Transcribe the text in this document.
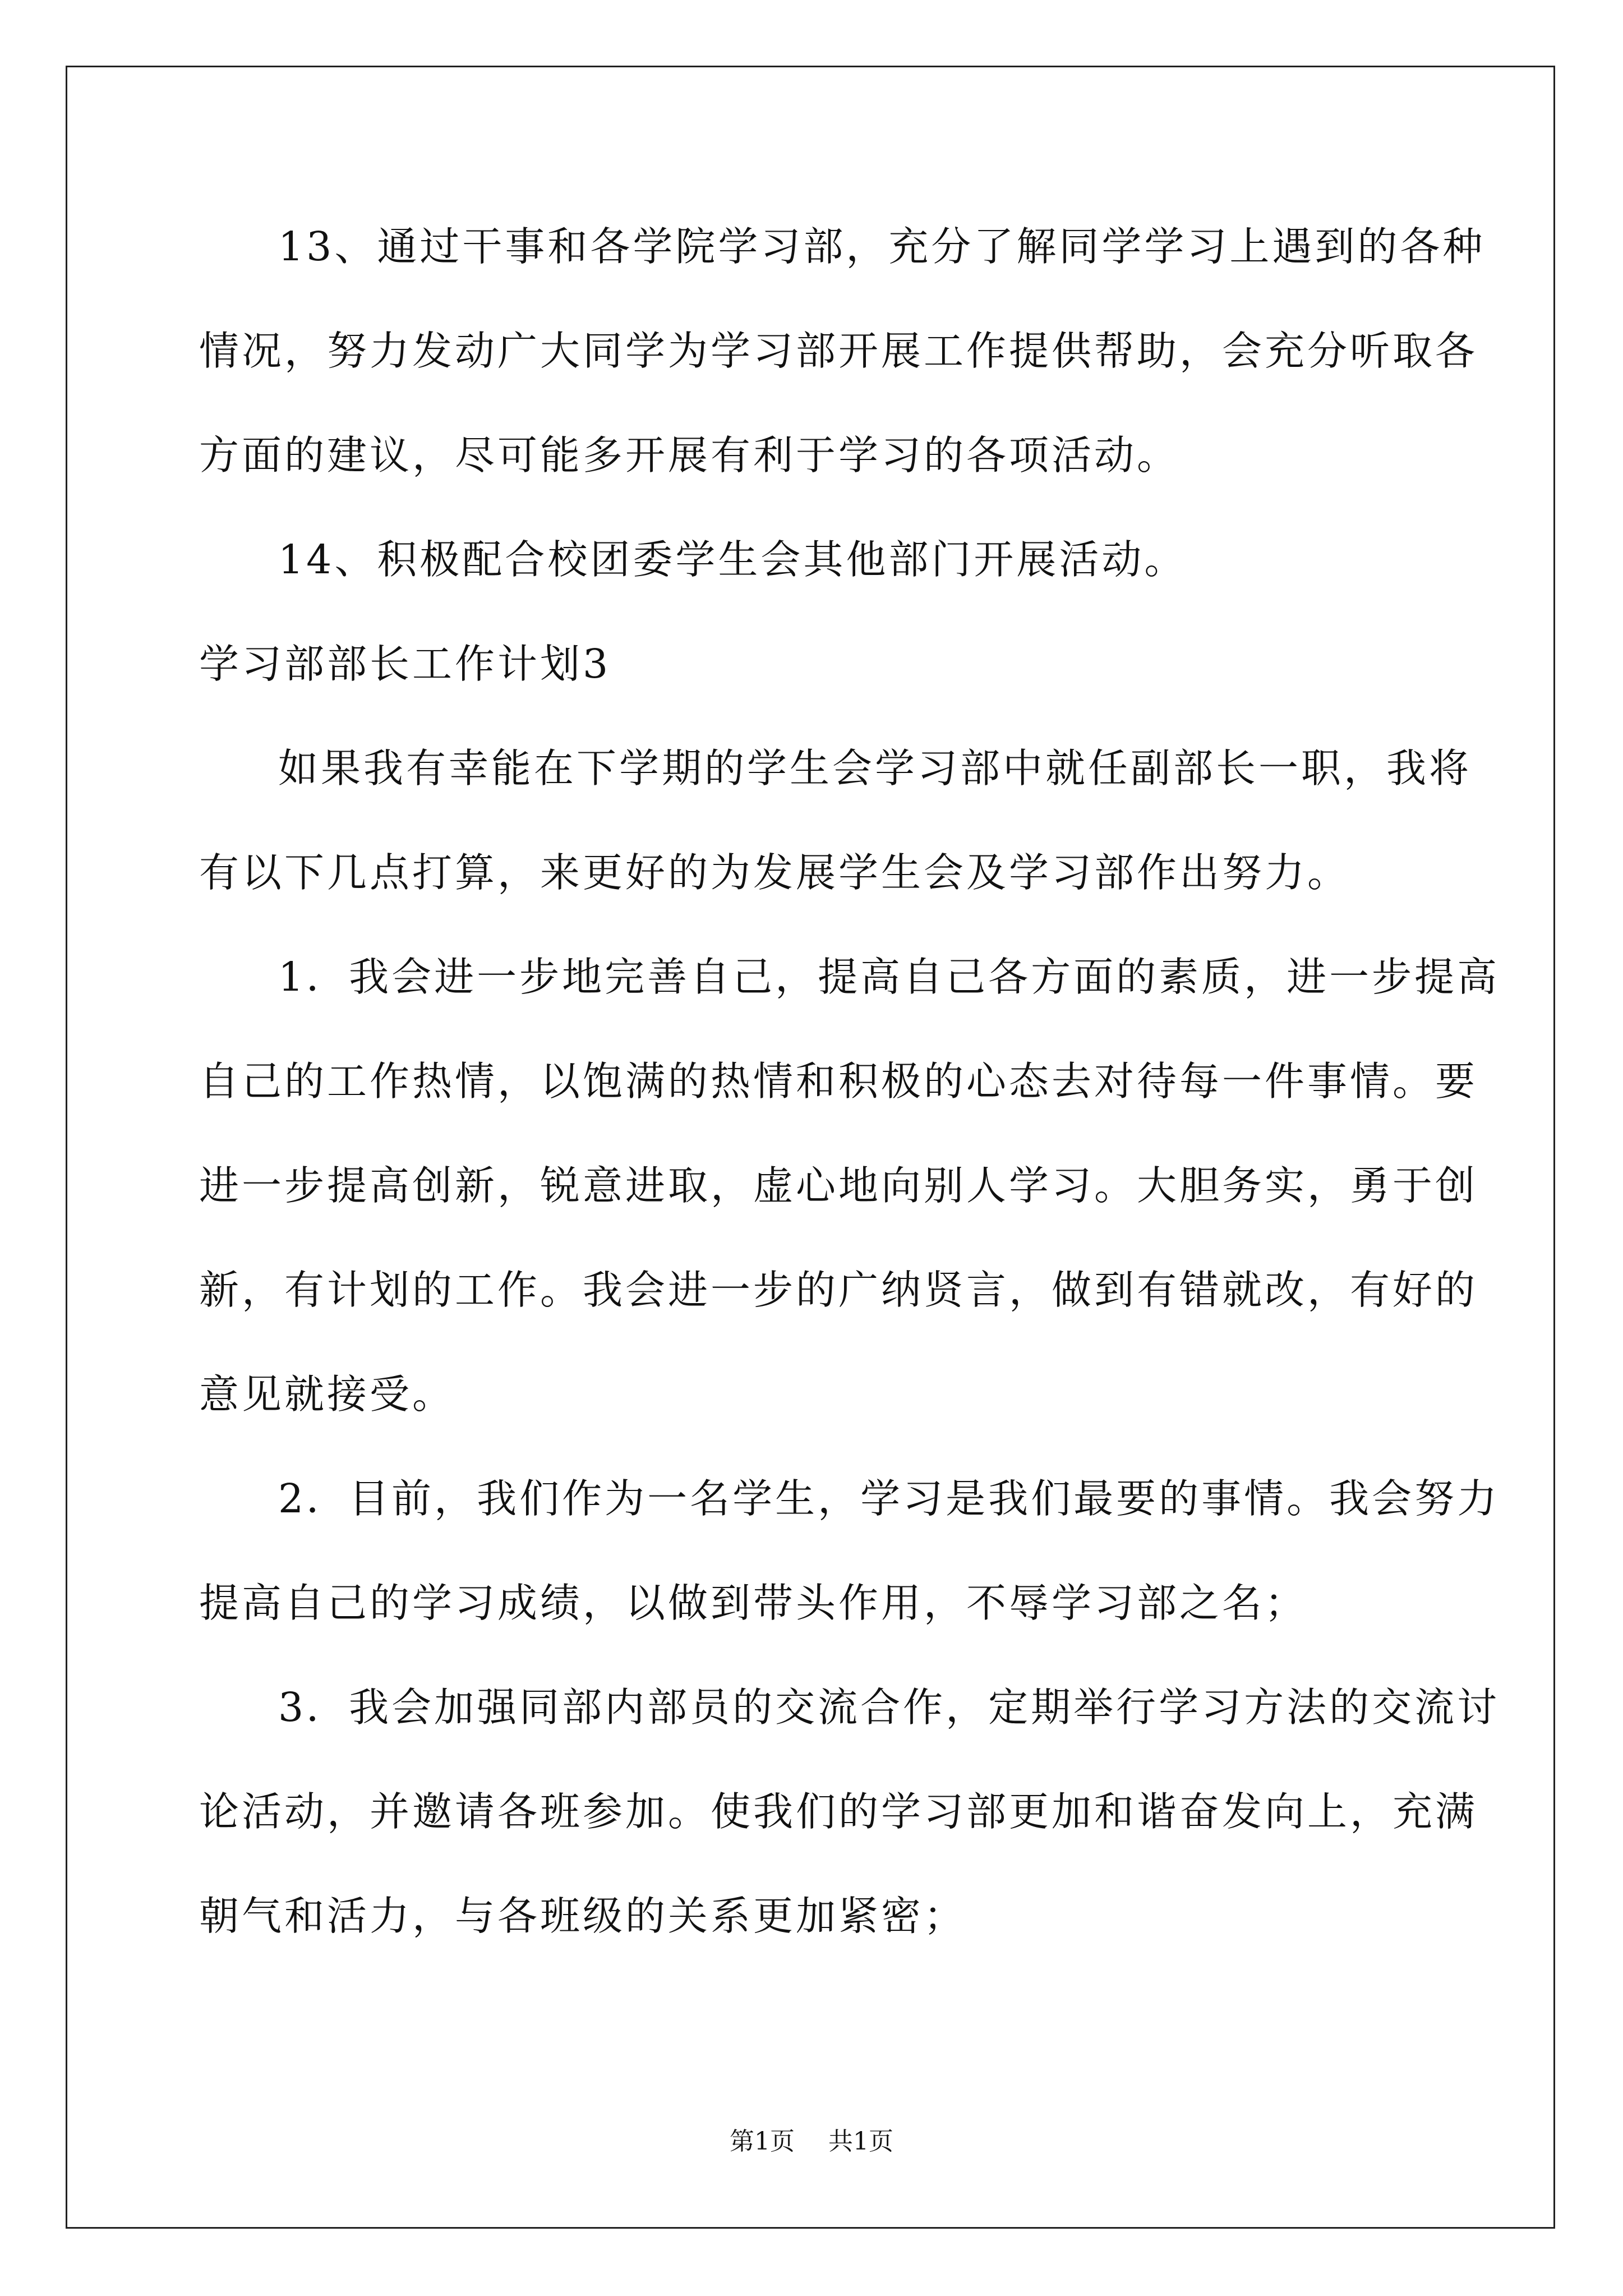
13、通过干事和各学院学习部，充分了解同学学习上遇到的各种
情况，努力发动广大同学为学习部开展工作提供帮助，会充分听取各
方面的建议，尽可能多开展有利于学习的各项活动。
14、积极配合校团委学生会其他部门开展活动。
学习部部长工作计划3
如果我有幸能在下学期的学生会学习部中就任副部长一职，我将
有以下几点打算，来更好的为发展学生会及学习部作出努力。
1．我会进一步地完善自己，提高自己各方面的素质，进一步提高
自己的工作热情，以饱满的热情和积极的心态去对待每一件事情。要
进一步提高创新，锐意进取，虚心地向别人学习。大胆务实，勇于创
新，有计划的工作。我会进一步的广纳贤言，做到有错就改，有好的
意见就接受。
2．目前，我们作为一名学生，学习是我们最要的事情。我会努力
提高自己的学习成绩，以做到带头作用，不辱学习部之名；
3．我会加强同部内部员的交流合作，定期举行学习方法的交流讨
论活动，并邀请各班参加。使我们的学习部更加和谐奋发向上，充满
朝气和活力，与各班级的关系更加紧密；
第1页 共1页
